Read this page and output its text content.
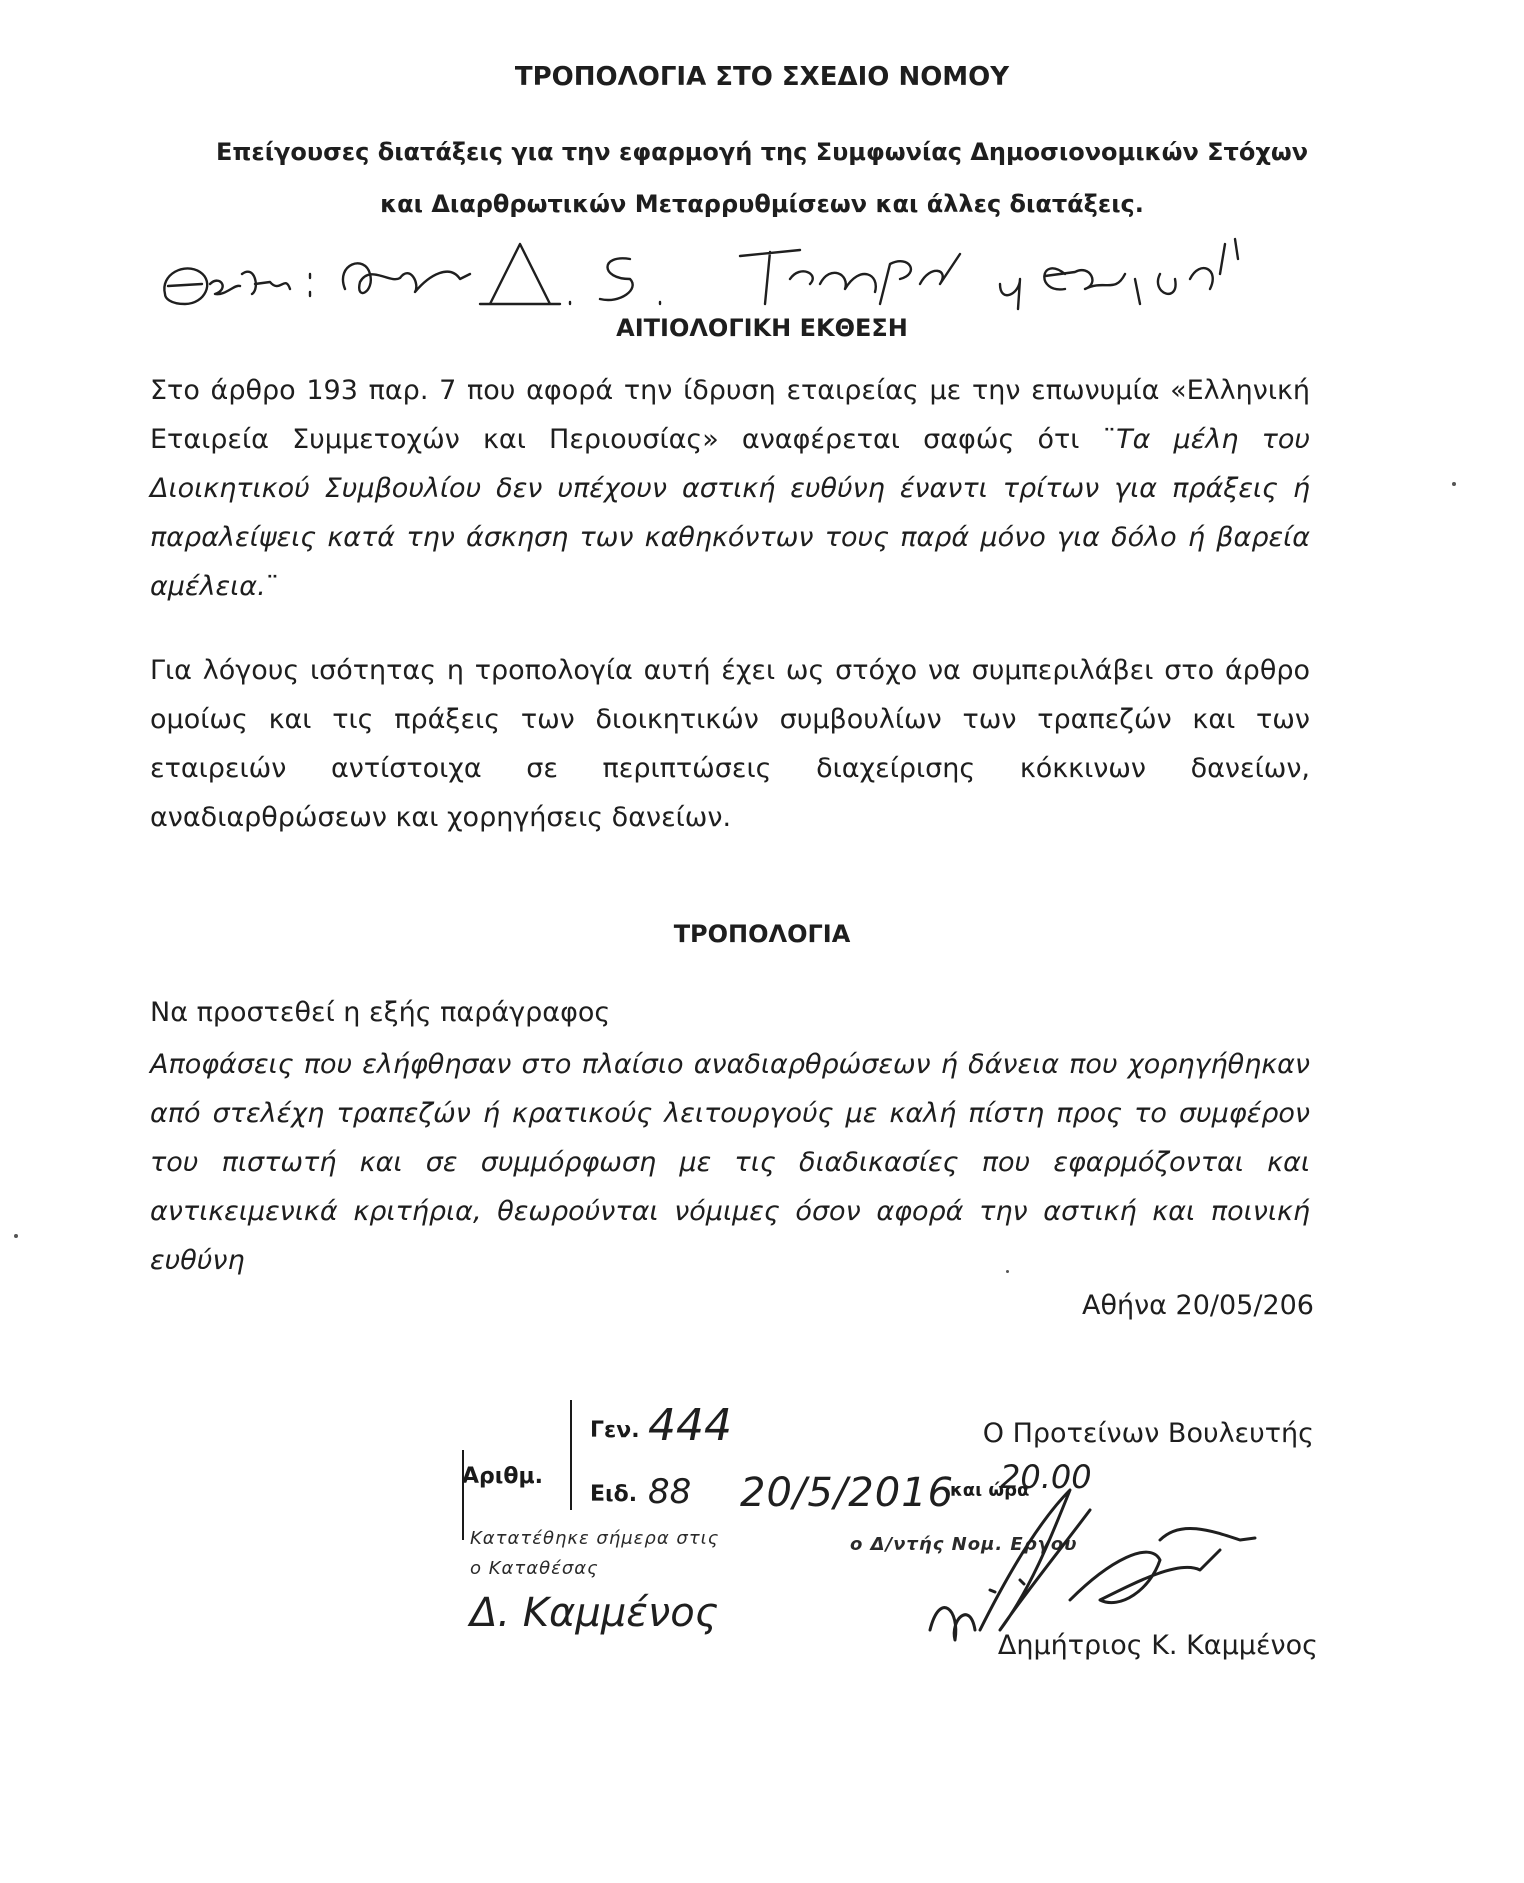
ΤΡΟΠΟΛΟΓΙΑ ΣΤΟ ΣΧΕΔΙΟ ΝΟΜΟΥ
Επείγουσες διατάξεις για την εφαρμογή της Συμφωνίας Δημοσιονομικών Στόχων
και Διαρθρωτικών Μεταρρυθμίσεων και άλλες διατάξεις.
ΑΙΤΙΟΛΟΓΙΚΗ ΕΚΘΕΣΗ
Στο άρθρο 193 παρ. 7 που αφορά την ίδρυση εταιρείας με την επωνυμία «Ελληνική Εταιρεία Συμμετοχών και Περιουσίας» αναφέρεται σαφώς ότι ¨Τα μέλη του Διοικητικού Συμβουλίου δεν υπέχουν αστική ευθύνη έναντι τρίτων για πράξεις ή παραλείψεις κατά την άσκηση των καθηκόντων τους παρά μόνο για δόλο ή βαρεία αμέλεια.¨
Για λόγους ισότητας η τροπολογία αυτή έχει ως στόχο να συμπεριλάβει στο άρθρο ομοίως και τις πράξεις των διοικητικών συμβουλίων των τραπεζών και των εταιρειών αντίστοιχα σε περιπτώσεις διαχείρισης κόκκινων δανείων, αναδιαρθρώσεων και χορηγήσεις δανείων.
ΤΡΟΠΟΛΟΓΙΑ
Να προστεθεί η εξής παράγραφος
Αποφάσεις που ελήφθησαν στο πλαίσιο αναδιαρθρώσεων ή δάνεια που χορηγήθηκαν από στελέχη τραπεζών ή κρατικούς λειτουργούς με καλή πίστη προς το συμφέρον του πιστωτή και σε συμμόρφωση με τις διαδικασίες που εφαρμόζονται και αντικειμενικά κριτήρια, θεωρούνται νόμιμες όσον αφορά την αστική και ποινική ευθύνη
Αθήνα 20/05/206
Ο Προτείνων Βουλευτής
Αριθμ.
Γεν. 444
Ειδ. 88 20/5/2016
και ώρα
20.00
Κατατέθηκε σήμερα στις	ο Δ/ντής Νομ. Εργου
ο Καταθέσας
Δ. Καμμένος
Δημήτριος Κ. Καμμένος
